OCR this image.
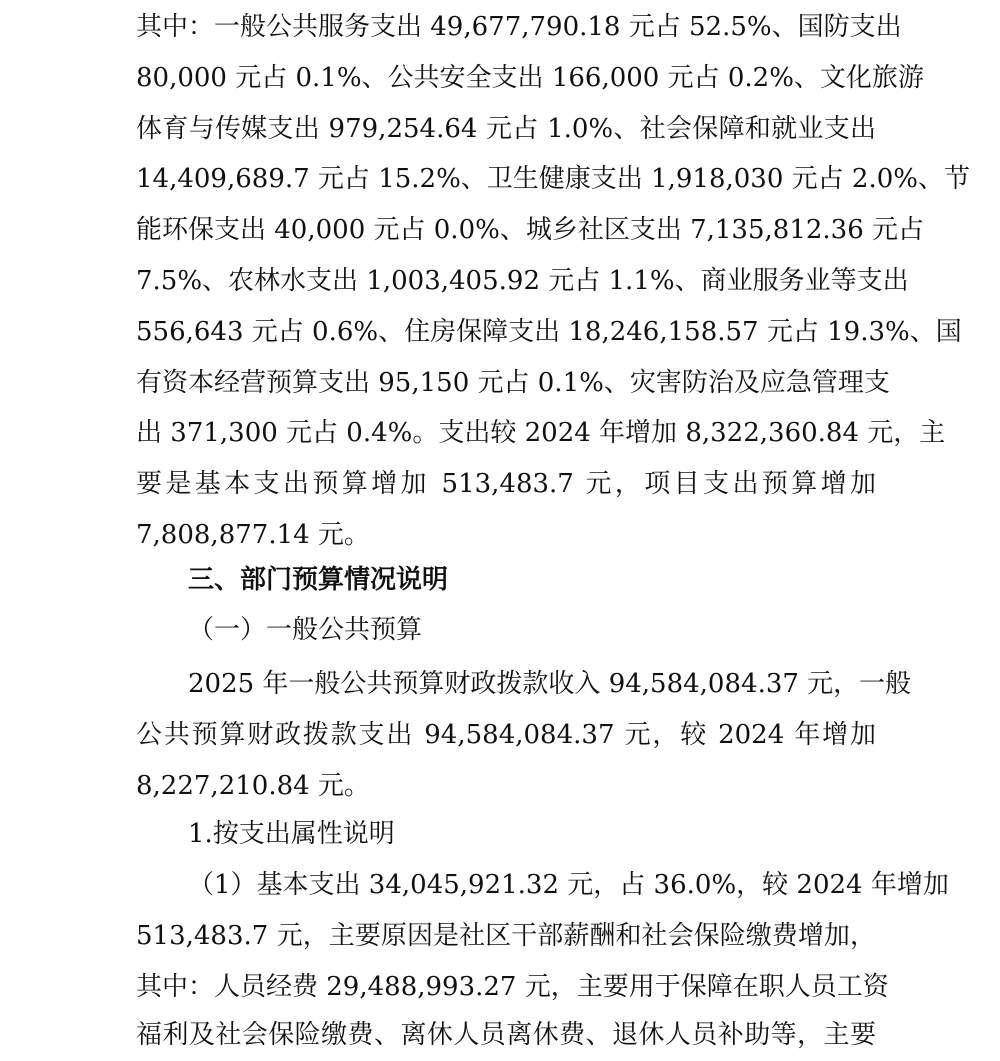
其中：一般公共服务支出 49,677,790.18 元占 52.5%、国防支出
80,000 元占 0.1%、公共安全支出 166,000 元占 0.2%、文化旅游
体育与传媒支出 979,254.64 元占 1.0%、社会保障和就业支出
14,409,689.7 元占 15.2%、卫生健康支出 1,918,030 元占 2.0%、节
能环保支出 40,000 元占 0.0%、城乡社区支出 7,135,812.36 元占
7.5%、农林水支出 1,003,405.92 元占 1.1%、商业服务业等支出
556,643 元占 0.6%、住房保障支出 18,246,158.57 元占 19.3%、国
有资本经营预算支出 95,150 元占 0.1%、灾害防治及应急管理支
出 371,300 元占 0.4%。支出较 2024 年增加 8,322,360.84 元，主
要是基本支出预算增加 513,483.7 元，项目支出预算增加
7,808,877.14 元。
三、部门预算情况说明
（一）一般公共预算
2025 年一般公共预算财政拨款收入 94,584,084.37 元，一般
公共预算财政拨款支出 94,584,084.37 元，较 2024 年增加
8,227,210.84 元。
1.按支出属性说明
（1）基本支出 34,045,921.32 元，占 36.0%，较 2024 年增加
513,483.7 元，主要原因是社区干部薪酬和社会保险缴费增加，
其中：人员经费 29,488,993.27 元，主要用于保障在职人员工资
福利及社会保险缴费、离休人员离休费、退休人员补助等，主要
